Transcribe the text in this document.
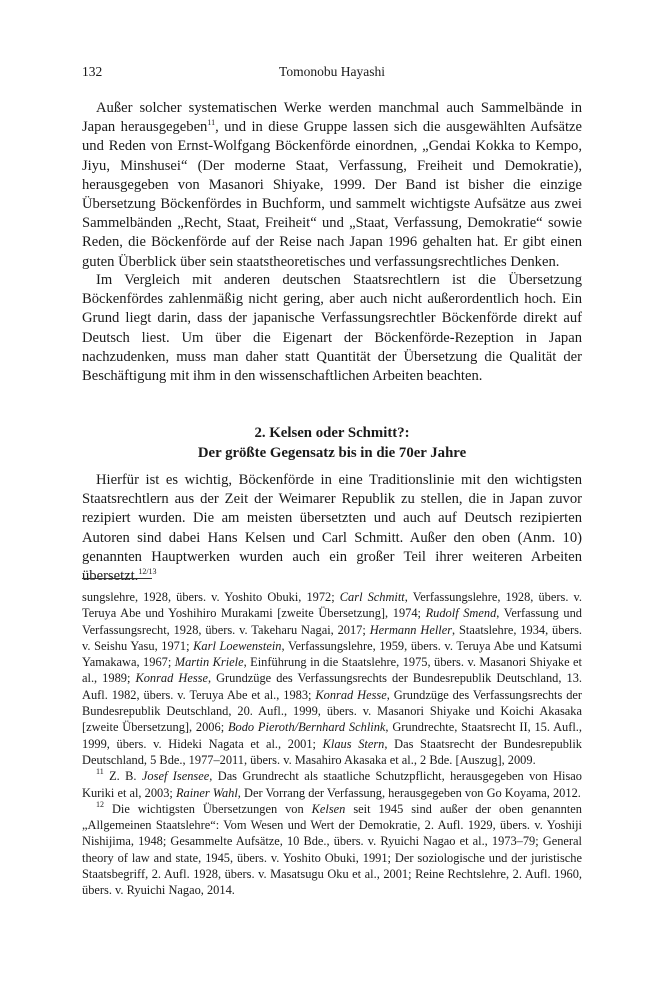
132	Tomonobu Hayashi

Außer solcher systematischen Werke werden manchmal auch Sammelbände in Japan herausgegeben$^{11}$, und in diese Gruppe lassen sich die ausgewählten Aufsätze und Reden von Ernst-Wolfgang Böckenförde einordnen, „Gendai Kokka to Kempo, Jiyu, Minshusei“ (Der moderne Staat, Verfassung, Freiheit und Demokratie), herausgegeben von Masanori Shiyake, 1999. Der Band ist bisher die einzige Übersetzung Böckenfördes in Buchform, und sammelt wichtigste Aufsätze aus zwei Sammelbänden „Recht, Staat, Freiheit“ und „Staat, Verfassung, Demokratie“ sowie Reden, die Böckenförde auf der Reise nach Japan 1996 gehalten hat. Er gibt einen guten Überblick über sein staatstheoretisches und verfassungsrechtliches Denken.

Im Vergleich mit anderen deutschen Staatsrechtlern ist die Übersetzung Böckenfördes zahlenmäßig nicht gering, aber auch nicht außerordentlich hoch. Ein Grund liegt darin, dass der japanische Verfassungsrechtler Böckenförde direkt auf Deutsch liest. Um über die Eigenart der Böckenförde-Rezeption in Japan nachzudenken, muss man daher statt Quantität der Übersetzung die Qualität der Beschäftigung mit ihm in den wissenschaftlichen Arbeiten beachten.

2. Kelsen oder Schmitt?:
Der größte Gegensatz bis in die 70er Jahre

Hierfür ist es wichtig, Böckenförde in eine Traditionslinie mit den wichtigsten Staatsrechtlern aus der Zeit der Weimarer Republik zu stellen, die in Japan zuvor rezipiert wurden. Die am meisten übersetzten und auch auf Deutsch rezipierten Autoren sind dabei Hans Kelsen und Carl Schmitt. Außer den oben (Anm. 10) genannten Hauptwerken wurden auch ein großer Teil ihrer weiteren Arbeiten übersetzt.$^{12/13}$

sungslehre, 1928, übers. v. Yoshito Obuki, 1972; Carl Schmitt, Verfassungslehre, 1928, übers. v. Teruya Abe und Yoshihiro Murakami [zweite Übersetzung], 1974; Rudolf Smend, Verfassung und Verfassungsrecht, 1928, übers. v. Takeharu Nagai, 2017; Hermann Heller, Staatslehre, 1934, übers. v. Seishu Yasu, 1971; Karl Loewenstein, Verfassungslehre, 1959, übers. v. Teruya Abe und Katsumi Yamakawa, 1967; Martin Kriele, Einführung in die Staatslehre, 1975, übers. v. Masanori Shiyake et al., 1989; Konrad Hesse, Grundzüge des Verfassungsrechts der Bundesrepublik Deutschland, 13. Aufl. 1982, übers. v. Teruya Abe et al., 1983; Konrad Hesse, Grundzüge des Verfassungsrechts der Bundesrepublik Deutschland, 20. Aufl., 1999, übers. v. Masanori Shiyake und Koichi Akasaka [zweite Übersetzung], 2006; Bodo Pieroth/Bernhard Schlink, Grundrechte, Staatsrecht II, 15. Aufl., 1999, übers. v. Hideki Nagata et al., 2001; Klaus Stern, Das Staatsrecht der Bundesrepublik Deutschland, 5 Bde., 1977–2011, übers. v. Masahiro Akasaka et al., 2 Bde. [Auszug], 2009.

$^{11}$ Z. B. Josef Isensee, Das Grundrecht als staatliche Schutzpflicht, herausgegeben von Hisao Kuriki et al, 2003; Rainer Wahl, Der Vorrang der Verfassung, herausgegeben von Go Koyama, 2012.

$^{12}$ Die wichtigsten Übersetzungen von Kelsen seit 1945 sind außer der oben genannten „Allgemeinen Staatslehre“: Vom Wesen und Wert der Demokratie, 2. Aufl. 1929, übers. v. Yoshiji Nishijima, 1948; Gesammelte Aufsätze, 10 Bde., übers. v. Ryuichi Nagao et al., 1973–79; General theory of law and state, 1945, übers. v. Yoshito Obuki, 1991; Der soziologische und der juristische Staatsbegriff, 2. Aufl. 1928, übers. v. Masatsugu Oku et al., 2001; Reine Rechtslehre, 2. Aufl. 1960, übers. v. Ryuichi Nagao, 2014.
